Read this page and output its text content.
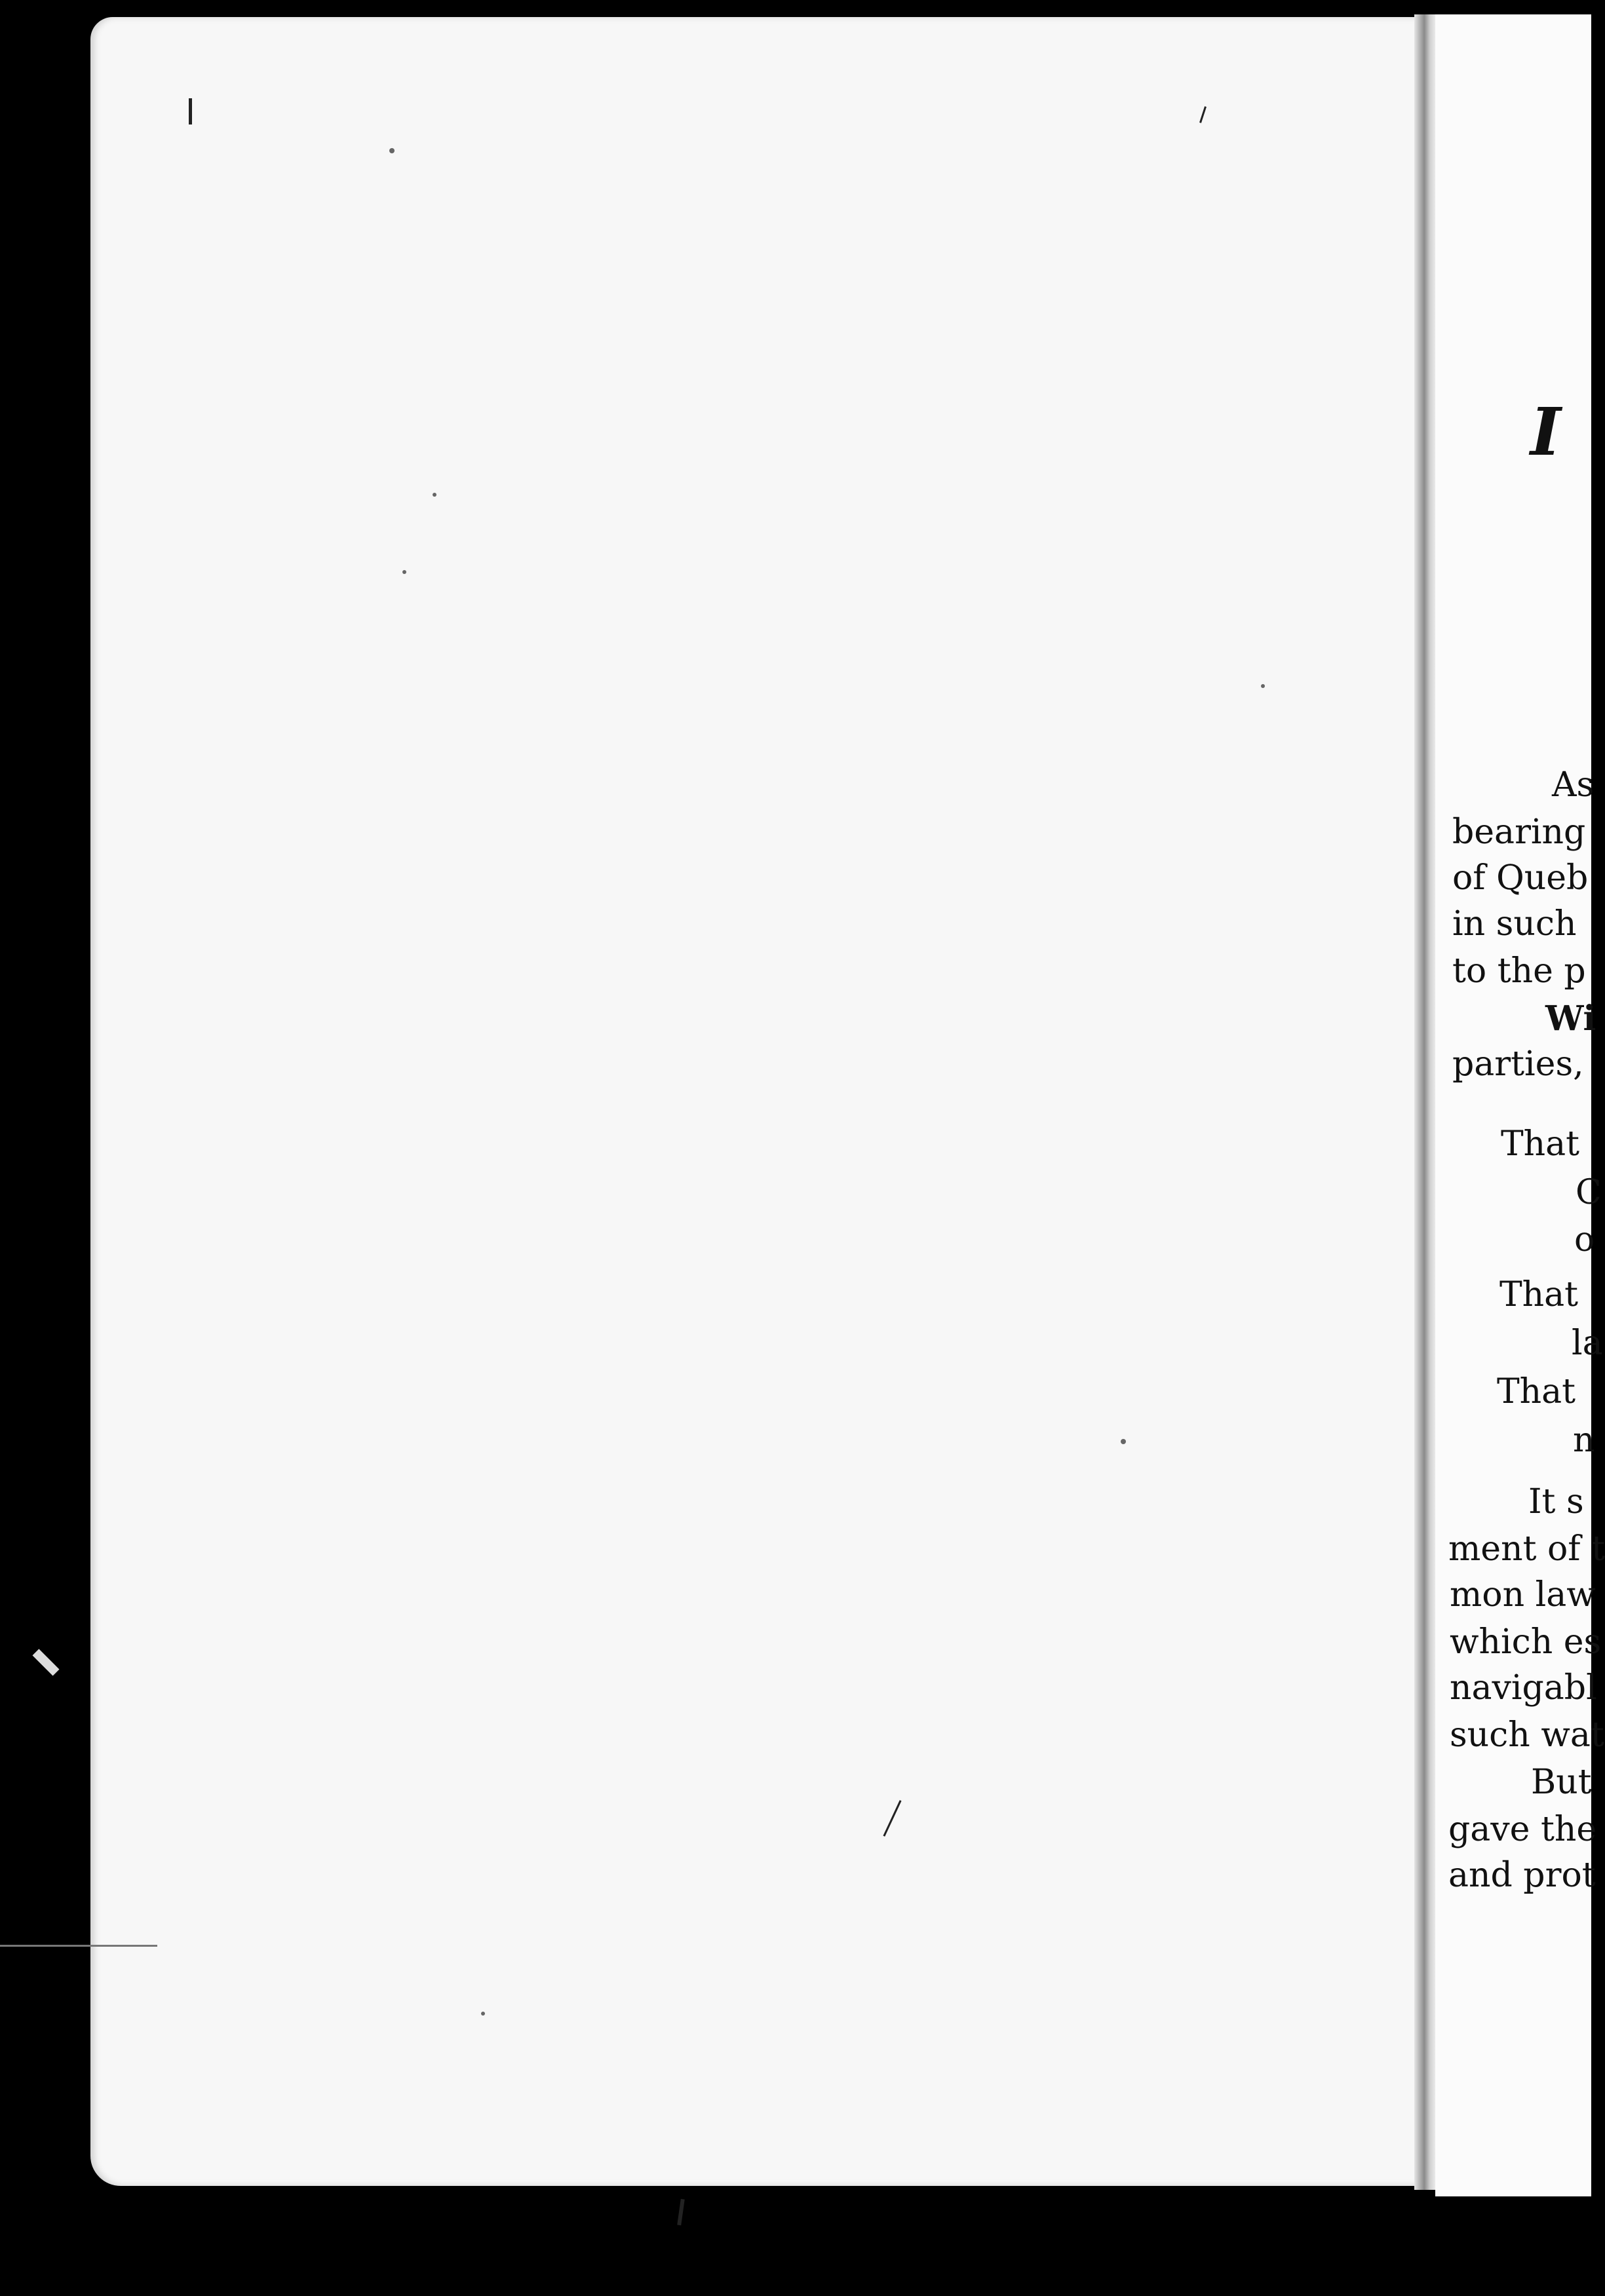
I
As
bearing
of Queb
in such
to the p
Wi
parties,
That
C
o
That
la
That
n
It s
ment of t
mon law
which es
navigabl
such wat
But
gave the
and prot
